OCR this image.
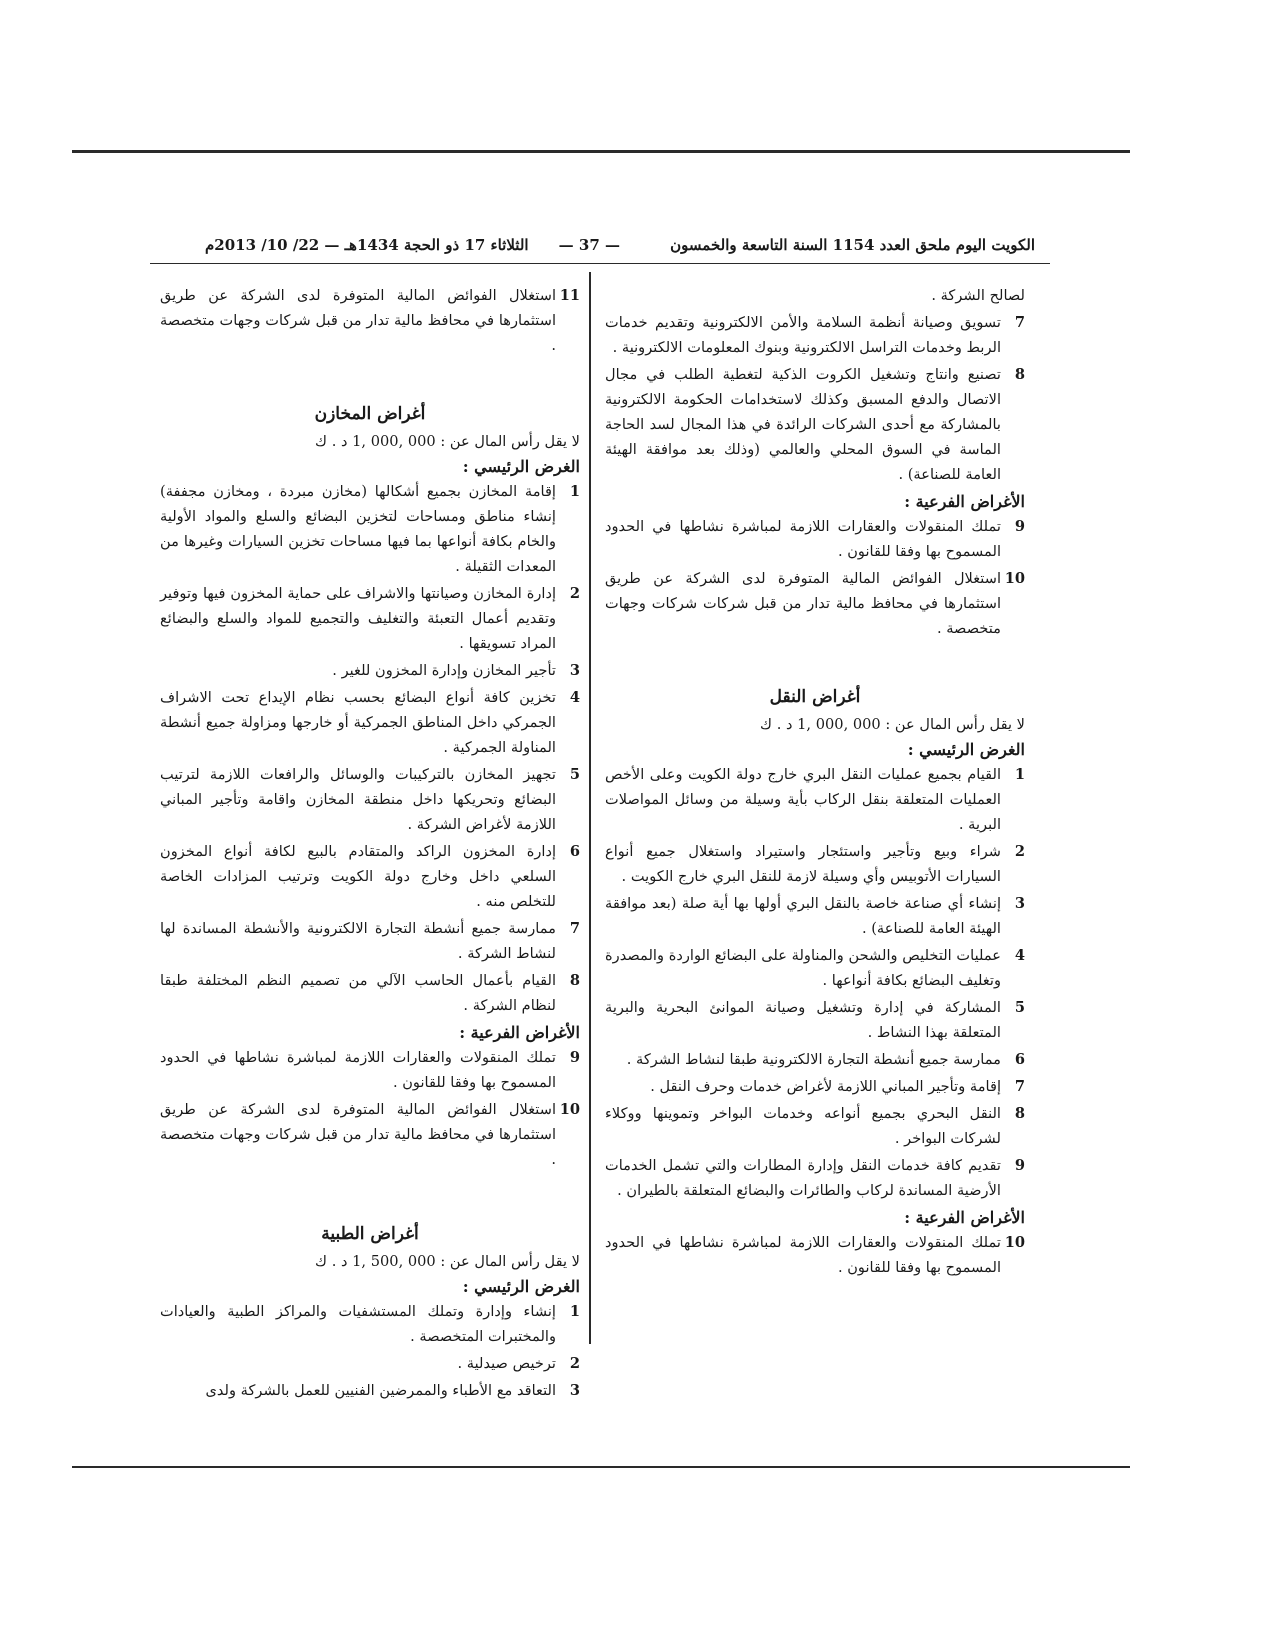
الكويت اليوم ملحق العدد 1154 السنة التاسعة والخمسون
— 37 —
الثلاثاء 17 ذو الحجة 1434هـ — 22/ 10/ 2013م
لصالح الشركة .
7
تسويق وصيانة أنظمة السلامة والأمن الالكترونية وتقديم خدمات الربط وخدمات التراسل الالكترونية وبنوك المعلومات الالكترونية .
8
تصنيع وانتاج وتشغيل الكروت الذكية لتغطية الطلب في مجال الاتصال والدفع المسبق وكذلك لاستخدامات الحكومة الالكترونية بالمشاركة مع أحدى الشركات الرائدة في هذا المجال لسد الحاجة الماسة في السوق المحلي والعالمي (وذلك بعد موافقة الهيئة العامة للصناعة) .
الأغراض الفرعية :
9
تملك المنقولات والعقارات اللازمة لمباشرة نشاطها في الحدود المسموح بها وفقا للقانون .
10
استغلال الفوائض المالية المتوفرة لدى الشركة عن طريق استثمارها في محافظ مالية تدار من قبل شركات شركات وجهات متخصصة .
أغراض النقل
لا يقل رأس المال عن : 000 ,000 ,1 د . ك
الغرض الرئيسي :
1
القيام بجميع عمليات النقل البري خارج دولة الكويت وعلى الأخص العمليات المتعلقة بنقل الركاب بأية وسيلة من وسائل المواصلات البرية .
2
شراء وبيع وتأجير واستئجار واستيراد واستغلال جميع أنواع السيارات الأتوبيس وأي وسيلة لازمة للنقل البري خارج الكويت .
3
إنشاء أي صناعة خاصة بالنقل البري أولها بها أية صلة (بعد موافقة الهيئة العامة للصناعة) .
4
عمليات التخليص والشحن والمناولة على البضائع الواردة والمصدرة وتغليف البضائع بكافة أنواعها .
5
المشاركة في إدارة وتشغيل وصيانة الموانئ البحرية والبرية المتعلقة بهذا النشاط .
6
ممارسة جميع أنشطة التجارة الالكترونية طبقا لنشاط الشركة .
7
إقامة وتأجير المباني اللازمة لأغراض خدمات وحرف النقل .
8
النقل البحري بجميع أنواعه وخدمات البواخر وتموينها ووكلاء لشركات البواخر .
9
تقديم كافة خدمات النقل وإدارة المطارات والتي تشمل الخدمات الأرضية المساندة لركاب والطائرات والبضائع المتعلقة بالطيران .
الأغراض الفرعية :
10
تملك المنقولات والعقارات اللازمة لمباشرة نشاطها في الحدود المسموح بها وفقا للقانون .
11
استغلال الفوائض المالية المتوفرة لدى الشركة عن طريق استثمارها في محافظ مالية تدار من قبل شركات وجهات متخصصة .
أغراض المخازن
لا يقل رأس المال عن : 000 ,000 ,1 د . ك
الغرض الرئيسي :
1
إقامة المخازن بجميع أشكالها (مخازن مبردة ، ومخازن مجففة) إنشاء مناطق ومساحات لتخزين البضائع والسلع والمواد الأولية والخام بكافة أنواعها بما فيها مساحات تخزين السيارات وغيرها من المعدات الثقيلة .
2
إدارة المخازن وصيانتها والاشراف على حماية المخزون فيها وتوفير وتقديم أعمال التعبئة والتغليف والتجميع للمواد والسلع والبضائع المراد تسويقها .
3
تأجير المخازن وإدارة المخزون للغير .
4
تخزين كافة أنواع البضائع بحسب نظام الإيداع تحت الاشراف الجمركي داخل المناطق الجمركية أو خارجها ومزاولة جميع أنشطة المناولة الجمركية .
5
تجهيز المخازن بالتركيبات والوسائل والرافعات اللازمة لترتيب البضائع وتحريكها داخل منطقة المخازن واقامة وتأجير المباني اللازمة لأغراض الشركة .
6
إدارة المخزون الراكد والمتقادم بالبيع لكافة أنواع المخزون السلعي داخل وخارج دولة الكويت وترتيب المزادات الخاصة للتخلص منه .
7
ممارسة جميع أنشطة التجارة الالكترونية والأنشطة المساندة لها لنشاط الشركة .
8
القيام بأعمال الحاسب الآلي من تصميم النظم المختلفة طبقا لنظام الشركة .
الأغراض الفرعية :
9
تملك المنقولات والعقارات اللازمة لمباشرة نشاطها في الحدود المسموح بها وفقا للقانون .
10
استغلال الفوائض المالية المتوفرة لدى الشركة عن طريق استثمارها في محافظ مالية تدار من قبل شركات وجهات متخصصة .
أغراض الطبية
لا يقل رأس المال عن : 000 ,500 ,1 د . ك
الغرض الرئيسي :
1
إنشاء وإدارة وتملك المستشفيات والمراكز الطبية والعيادات والمختبرات المتخصصة .
2
ترخيص صيدلية .
3
التعاقد مع الأطباء والممرضين الفنيين للعمل بالشركة ولدى
